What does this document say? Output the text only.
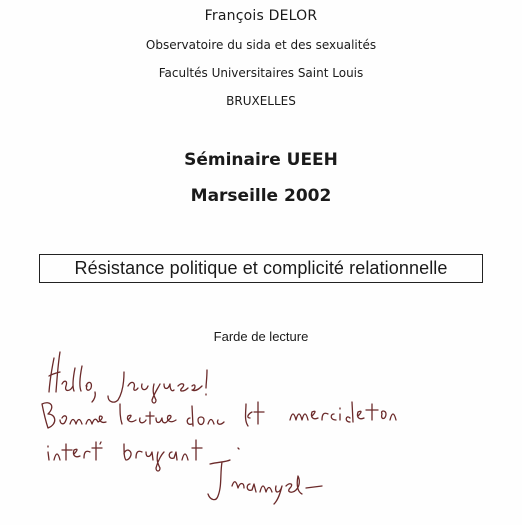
François DELOR
Observatoire du sida et des sexualités
Facultés Universitaires Saint Louis
BRUXELLES
Séminaire UEEH
Marseille 2002
Résistance politique et complicité relationnelle
Farde de lecture
